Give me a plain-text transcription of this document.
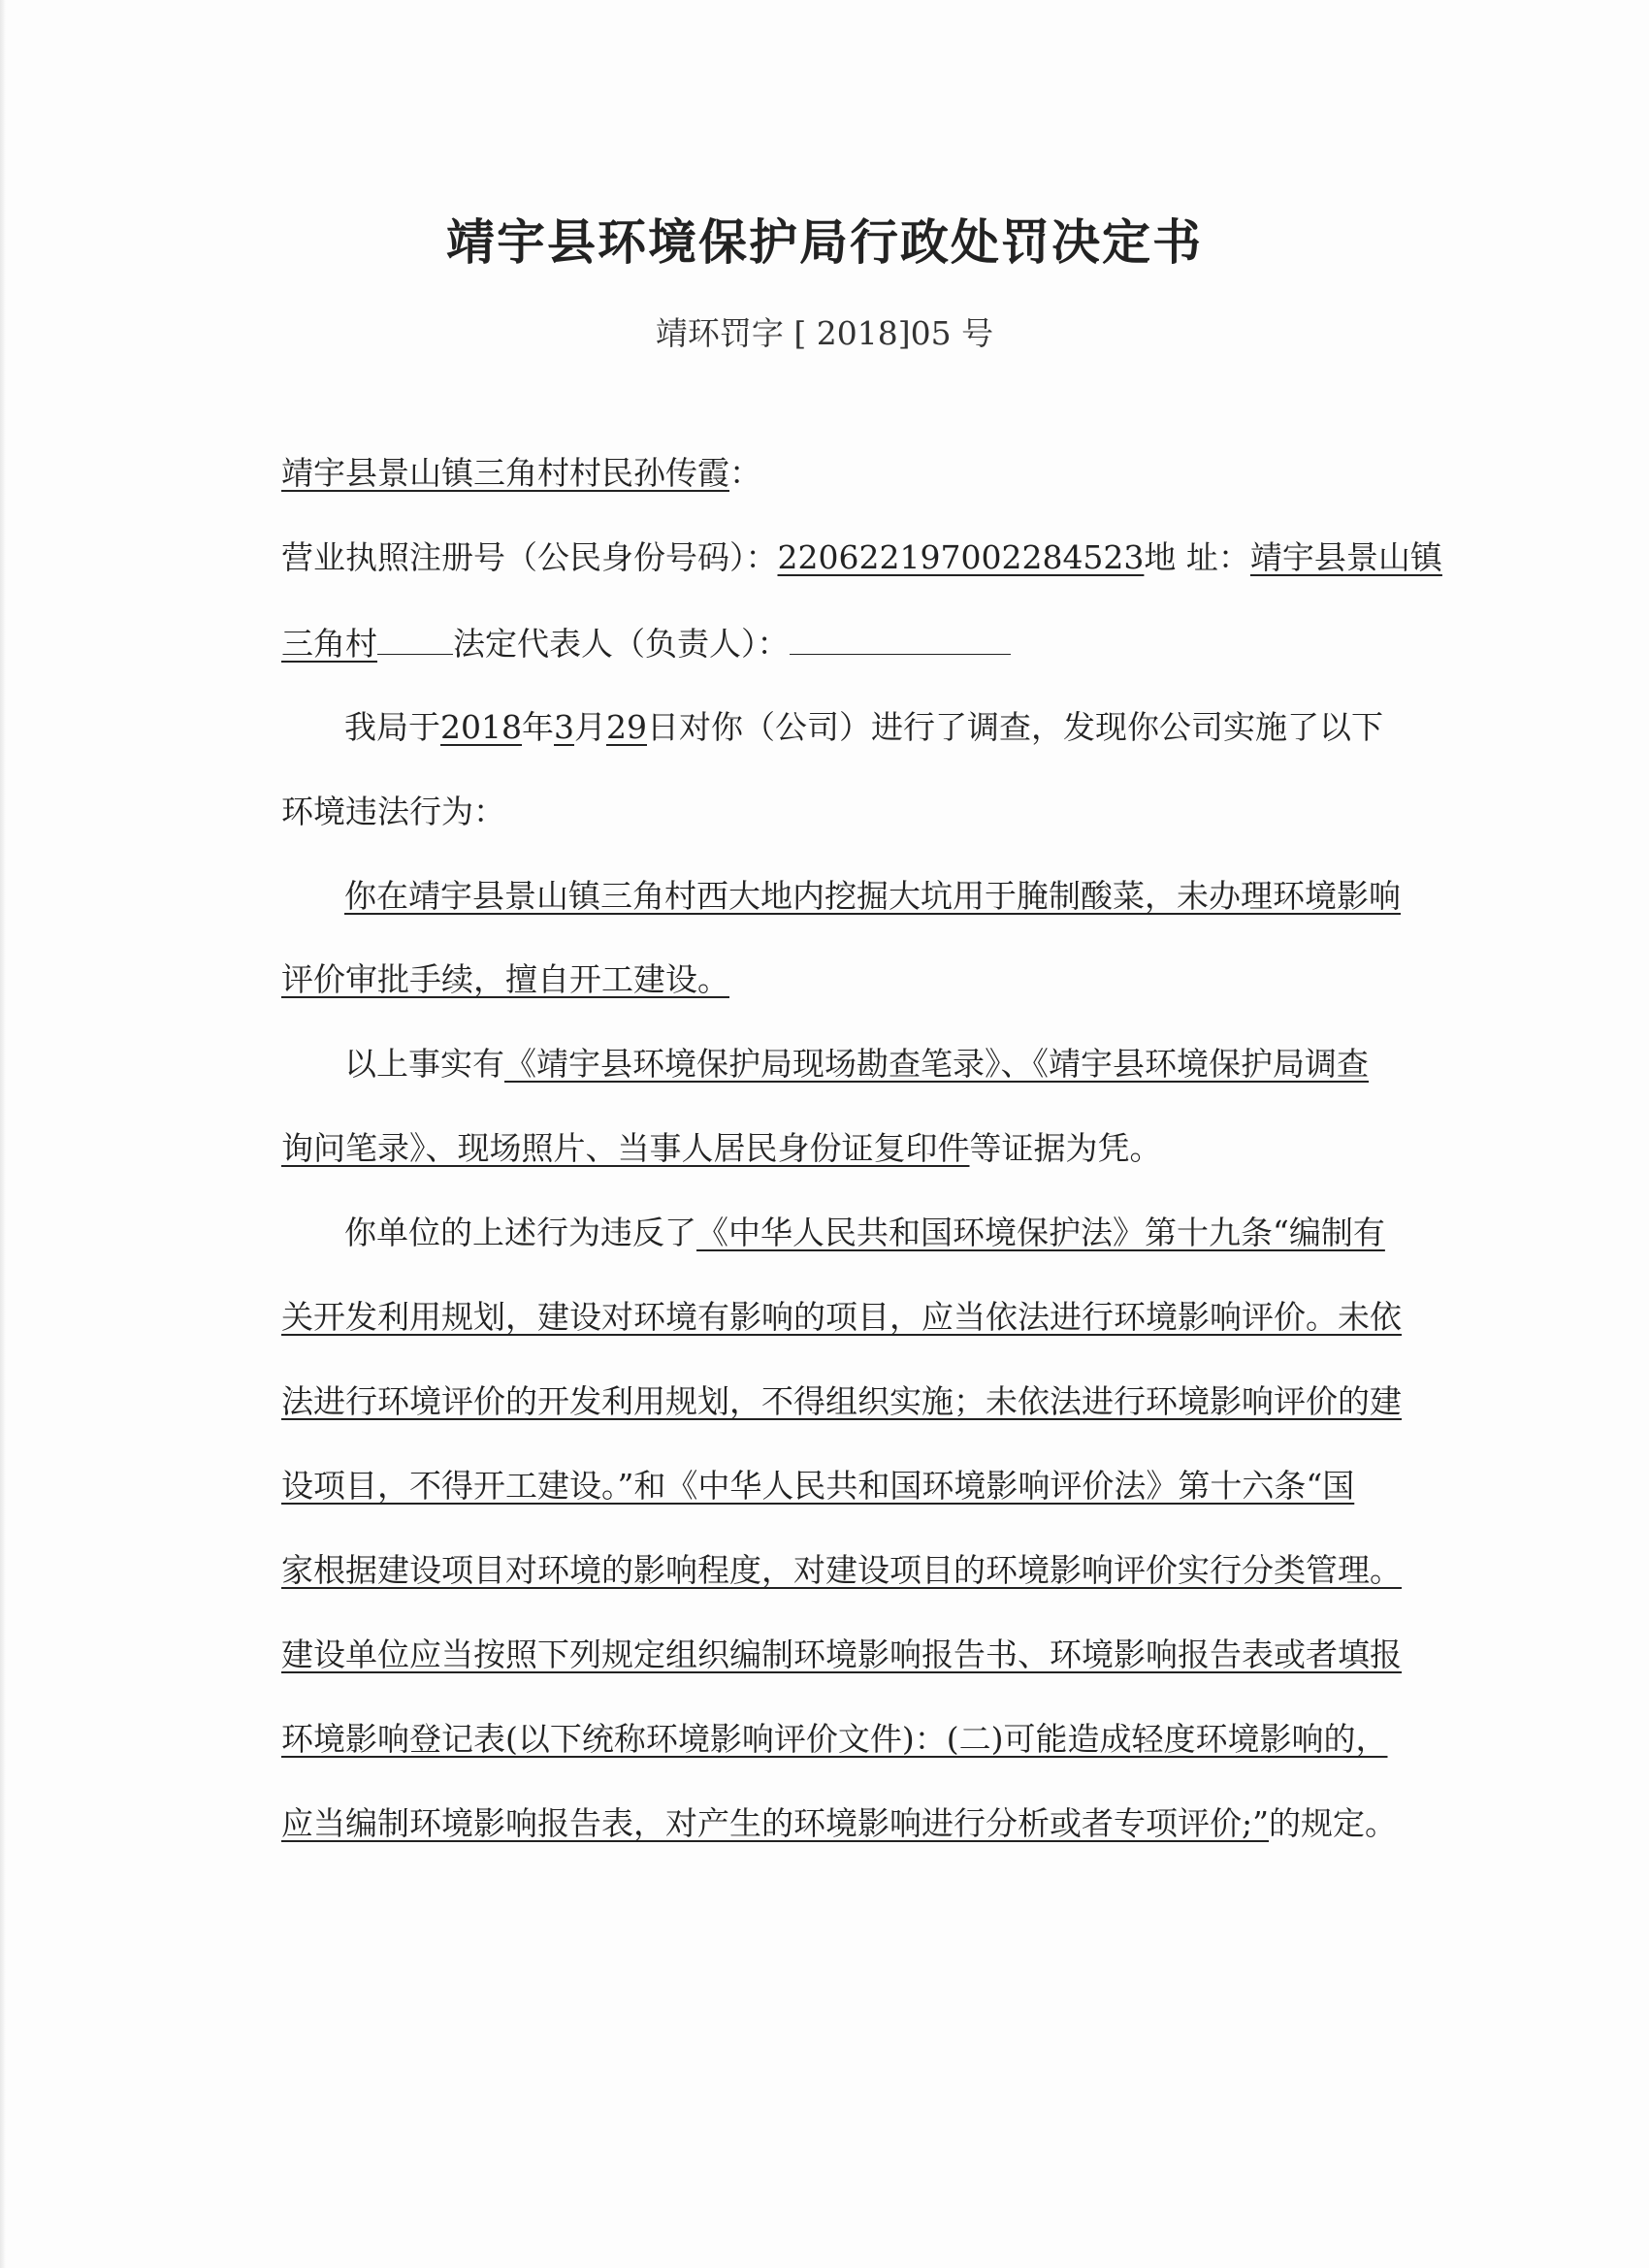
靖宇县环境保护局行政处罚决定书
靖环罚字 [ 2018]05 号
靖宇县景山镇三角村村民孙传霞：
营业执照注册号（公民身份号码）：220622197002284523地 址：靖宇县景山镇
三角村 法定代表人（负责人）：
我局于2018年3月29日对你（公司）进行了调查，发现你公司实施了以下
环境违法行为：
你在靖宇县景山镇三角村西大地内挖掘大坑用于腌制酸菜，未办理环境影响
评价审批手续，擅自开工建设。
以上事实有《靖宇县环境保护局现场勘查笔录》、《靖宇县环境保护局调查
询问笔录》、现场照片、当事人居民身份证复印件等证据为凭。
你单位的上述行为违反了《中华人民共和国环境保护法》第十九条“编制有
关开发利用规划，建设对环境有影响的项目，应当依法进行环境影响评价。未依
法进行环境评价的开发利用规划，不得组织实施；未依法进行环境影响评价的建
设项目，不得开工建设。”和《中华人民共和国环境影响评价法》第十六条“国
家根据建设项目对环境的影响程度，对建设项目的环境影响评价实行分类管理。
建设单位应当按照下列规定组织编制环境影响报告书、环境影响报告表或者填报
环境影响登记表(以下统称环境影响评价文件)：(二)可能造成轻度环境影响的，
应当编制环境影响报告表，对产生的环境影响进行分析或者专项评价;”的规定。
